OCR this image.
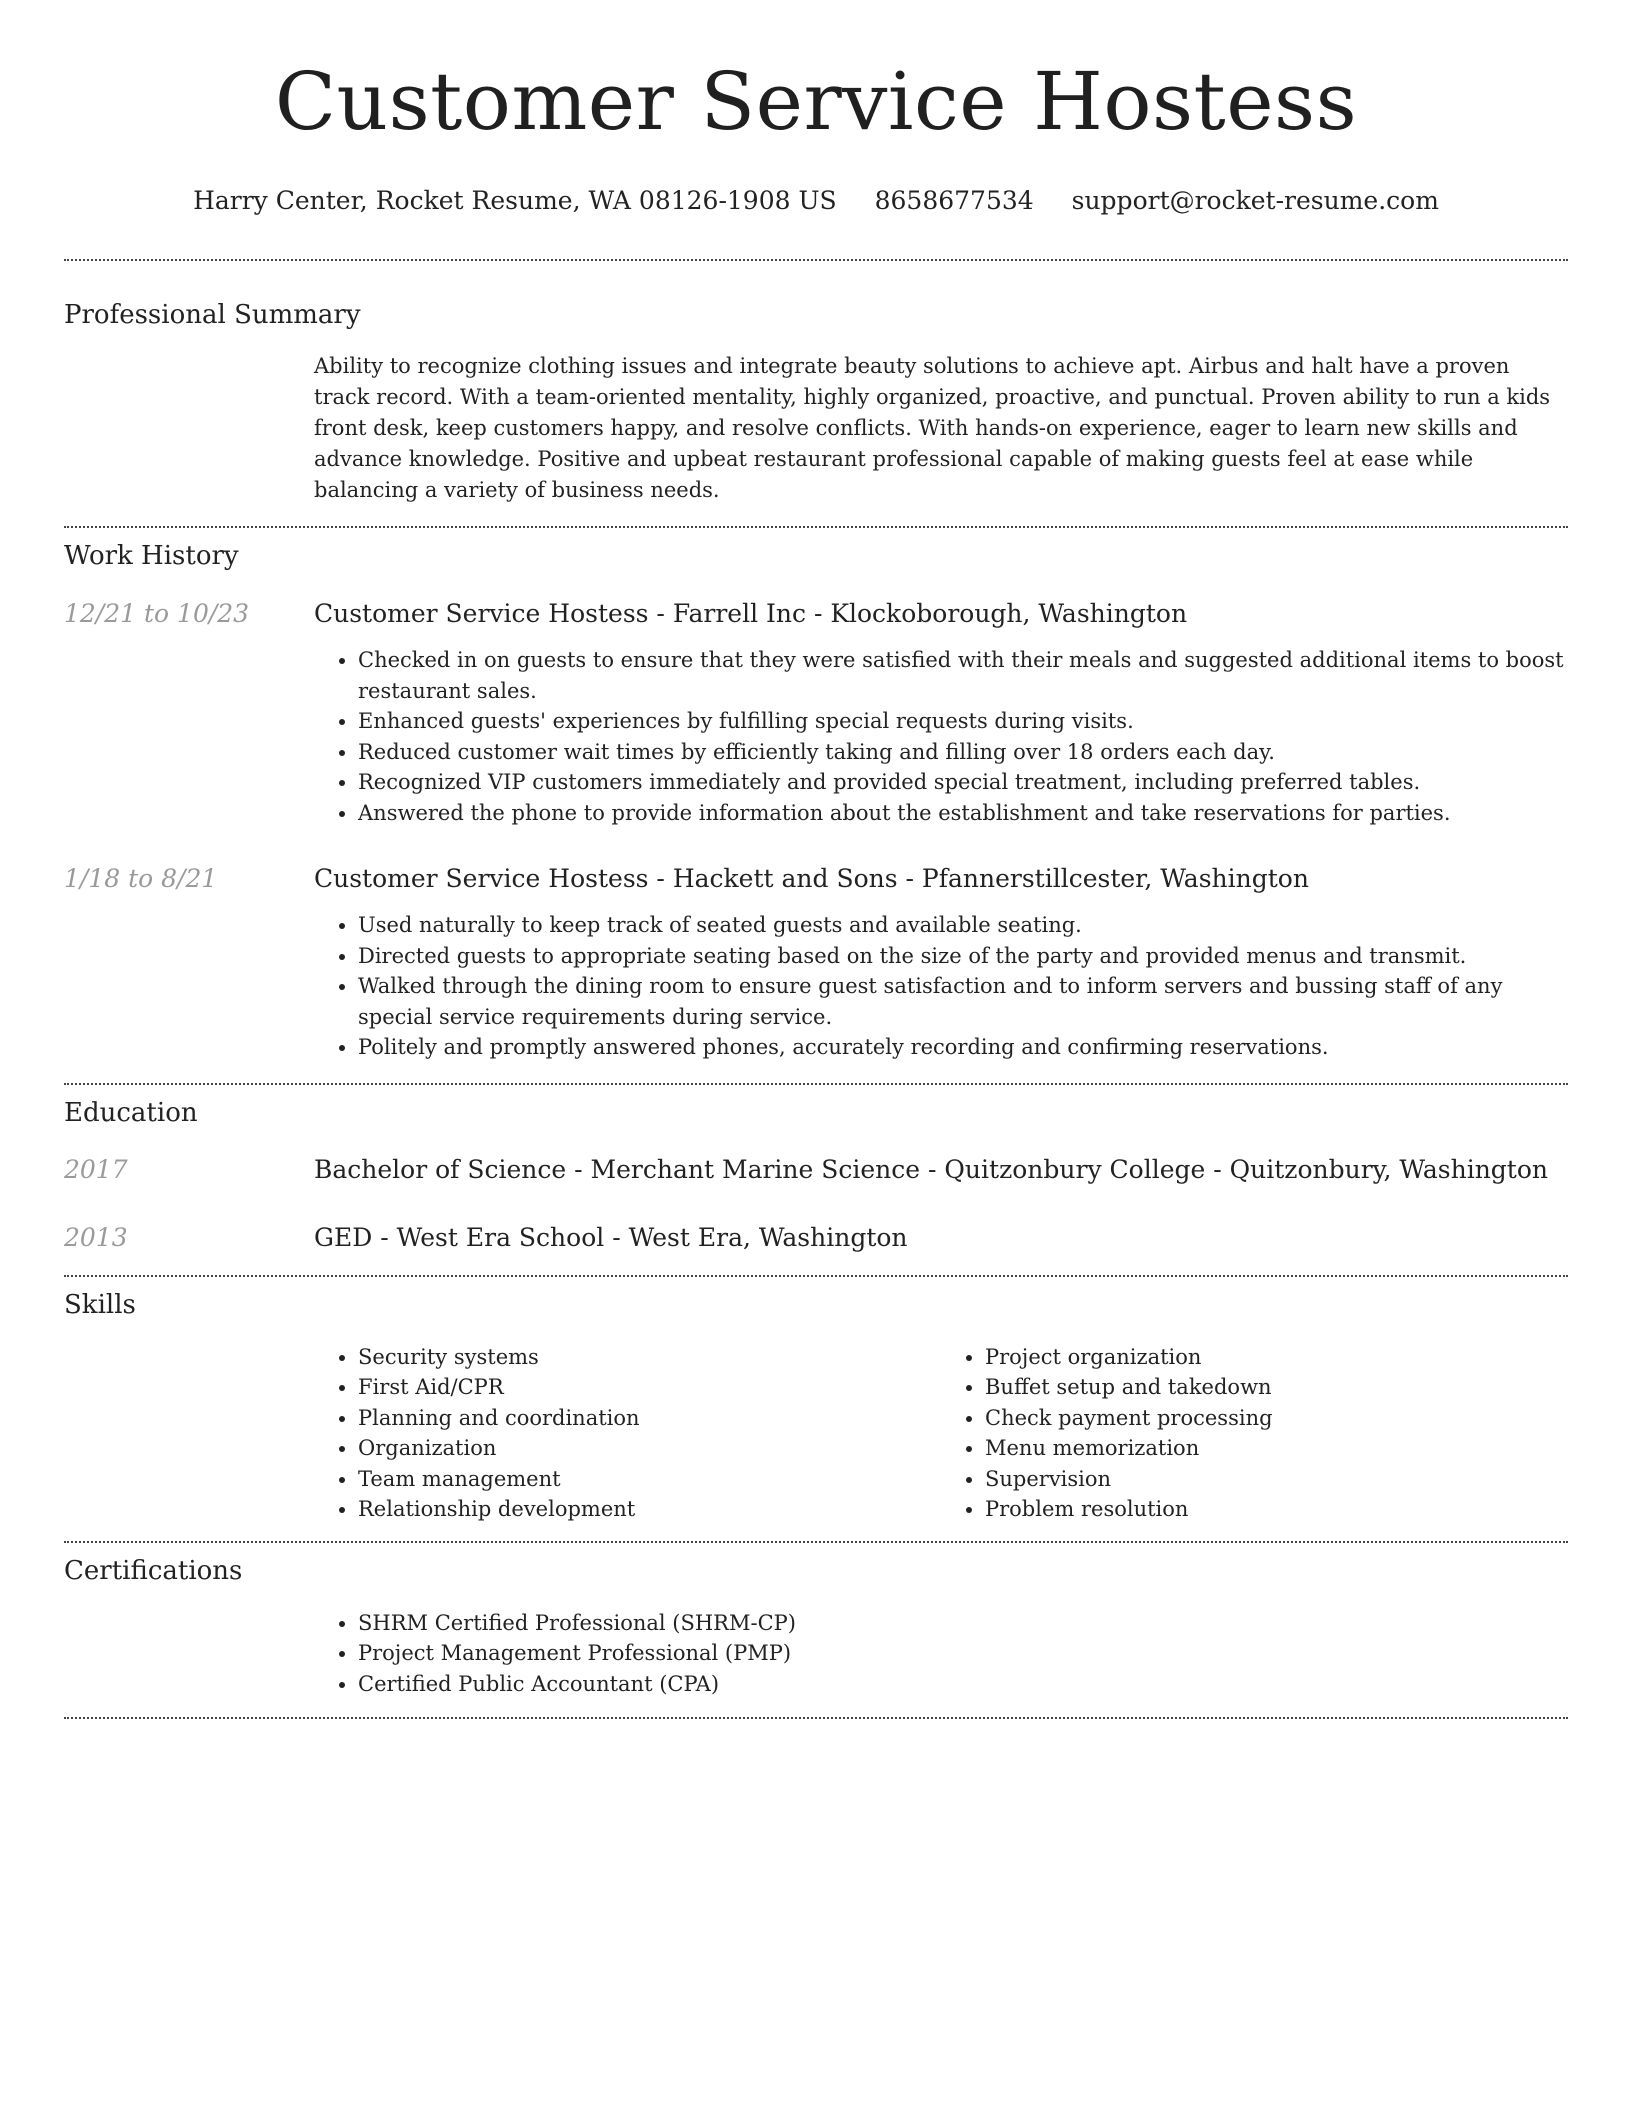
Customer Service Hostess
Harry Center, Rocket Resume, WA 08126-1908 US 8658677534 support@rocket-resume.com
Professional Summary
Ability to recognize clothing issues and integrate beauty solutions to achieve apt. Airbus and halt have a proven track record. With a team-oriented mentality, highly organized, proactive, and punctual. Proven ability to run a kids front desk, keep customers happy, and resolve conflicts. With hands-on experience, eager to learn new skills and advance knowledge. Positive and upbeat restaurant professional capable of making guests feel at ease while balancing a variety of business needs.
Work History
12/21 to 10/23	Customer Service Hostess - Farrell Inc - Klockoborough, Washington
• Checked in on guests to ensure that they were satisfied with their meals and suggested additional items to boost restaurant sales.
• Enhanced guests' experiences by fulfilling special requests during visits.
• Reduced customer wait times by efficiently taking and filling over 18 orders each day.
• Recognized VIP customers immediately and provided special treatment, including preferred tables.
• Answered the phone to provide information about the establishment and take reservations for parties.
1/18 to 8/21	Customer Service Hostess - Hackett and Sons - Pfannerstillcester, Washington
• Used naturally to keep track of seated guests and available seating.
• Directed guests to appropriate seating based on the size of the party and provided menus and transmit.
• Walked through the dining room to ensure guest satisfaction and to inform servers and bussing staff of any special service requirements during service.
• Politely and promptly answered phones, accurately recording and confirming reservations.
Education
2017	Bachelor of Science - Merchant Marine Science - Quitzonbury College - Quitzonbury, Washington
2013	GED - West Era School - West Era, Washington
Skills
• Security systems
• First Aid/CPR
• Planning and coordination
• Organization
• Team management
• Relationship development
• Project organization
• Buffet setup and takedown
• Check payment processing
• Menu memorization
• Supervision
• Problem resolution
Certifications
• SHRM Certified Professional (SHRM-CP)
• Project Management Professional (PMP)
• Certified Public Accountant (CPA)
